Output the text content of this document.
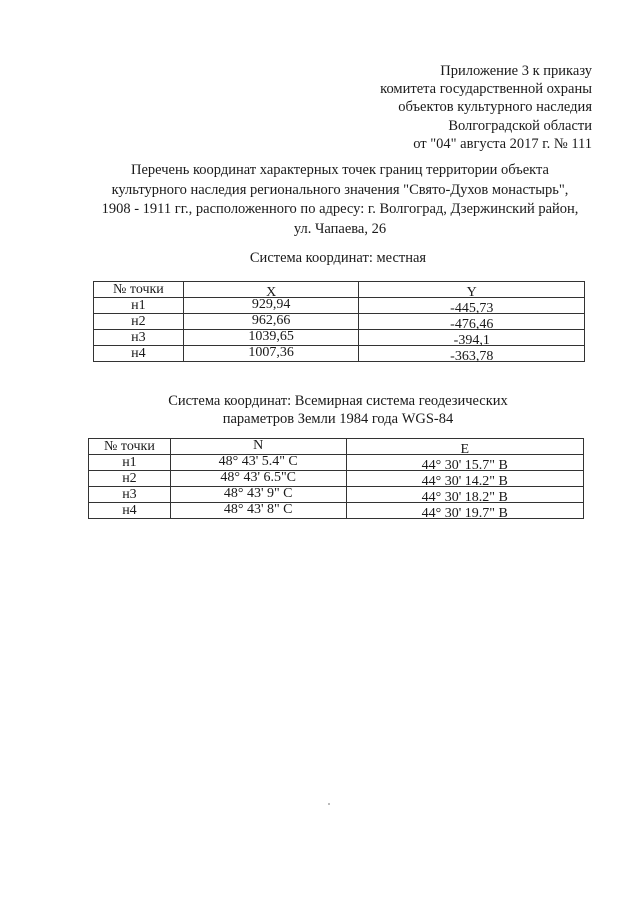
Приложение 3 к приказу
комитета государственной охраны
объектов культурного наследия
Волгоградской области
от "04" августа 2017 г. № 111
Перечень координат характерных точек границ территории объекта
культурного наследия регионального значения "Свято-Духов монастырь",
1908 - 1911 гг., расположенного по адресу: г. Волгоград, Дзержинский район,
ул. Чапаева, 26
Система координат: местная
№ точки	X	Y
н1	929,94	-445,73
н2	962,66	-476,46
н3	1039,65	-394,1
н4	1007,36	-363,78
Система координат: Всемирная система геодезических
параметров Земли 1984 года WGS-84
№ точки	N	E
н1	48° 43' 5.4" С	44° 30' 15.7" В
н2	48° 43' 6.5"С	44° 30' 14.2" В
н3	48° 43' 9" С	44° 30' 18.2" В
н4	48° 43' 8" С	44° 30' 19.7" В
